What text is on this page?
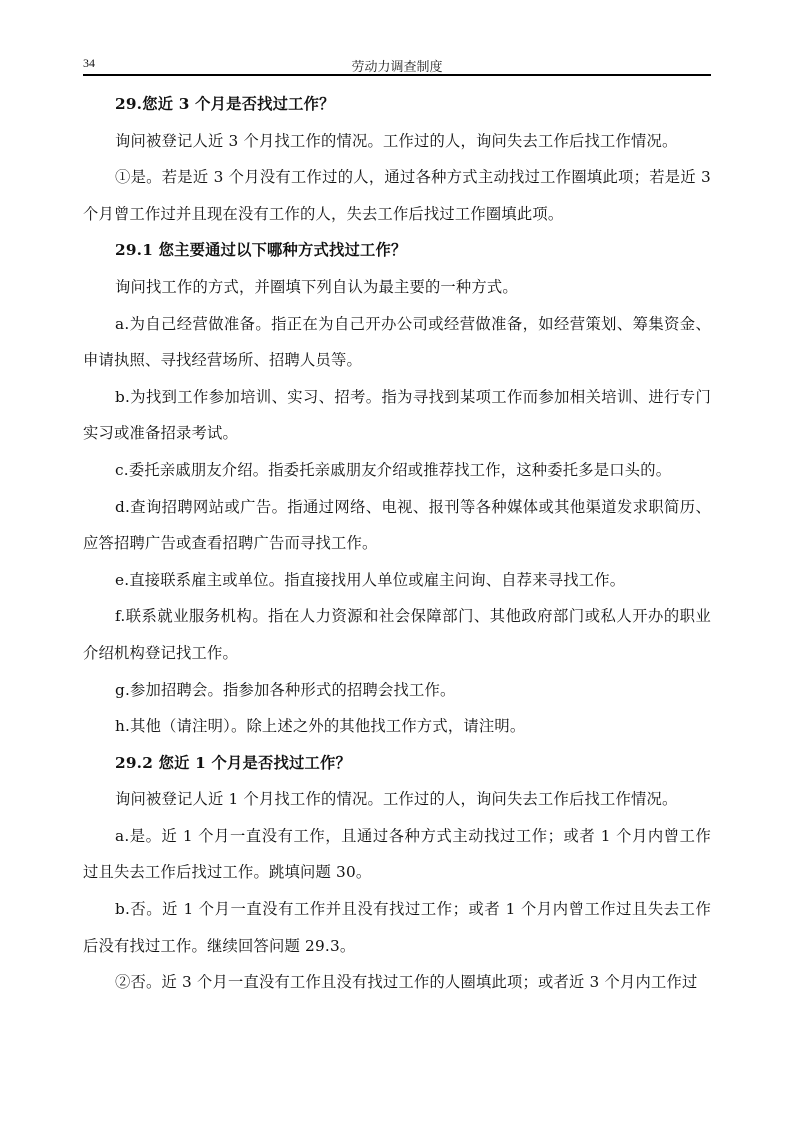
34	劳动力调查制度

29.您近 3 个月是否找过工作？

询问被登记人近 3 个月找工作的情况。工作过的人，询问失去工作后找工作情况。

①是。若是近 3 个月没有工作过的人，通过各种方式主动找过工作圈填此项；若是近 3 个月曾工作过并且现在没有工作的人，失去工作后找过工作圈填此项。

29.1 您主要通过以下哪种方式找过工作？

询问找工作的方式，并圈填下列自认为最主要的一种方式。

a.为自己经营做准备。指正在为自己开办公司或经营做准备，如经营策划、筹集资金、申请执照、寻找经营场所、招聘人员等。

b.为找到工作参加培训、实习、招考。指为寻找到某项工作而参加相关培训、进行专门实习或准备招录考试。

c.委托亲戚朋友介绍。指委托亲戚朋友介绍或推荐找工作，这种委托多是口头的。

d.查询招聘网站或广告。指通过网络、电视、报刊等各种媒体或其他渠道发求职简历、应答招聘广告或查看招聘广告而寻找工作。

e.直接联系雇主或单位。指直接找用人单位或雇主问询、自荐来寻找工作。

f.联系就业服务机构。指在人力资源和社会保障部门、其他政府部门或私人开办的职业介绍机构登记找工作。

g.参加招聘会。指参加各种形式的招聘会找工作。

h.其他（请注明）。除上述之外的其他找工作方式，请注明。

29.2 您近 1 个月是否找过工作？

询问被登记人近 1 个月找工作的情况。工作过的人，询问失去工作后找工作情况。

a.是。近 1 个月一直没有工作，且通过各种方式主动找过工作；或者 1 个月内曾工作过且失去工作后找过工作。跳填问题 30。

b.否。近 1 个月一直没有工作并且没有找过工作；或者 1 个月内曾工作过且失去工作后没有找过工作。继续回答问题 29.3。

②否。近 3 个月一直没有工作且没有找过工作的人圈填此项；或者近 3 个月内工作过
